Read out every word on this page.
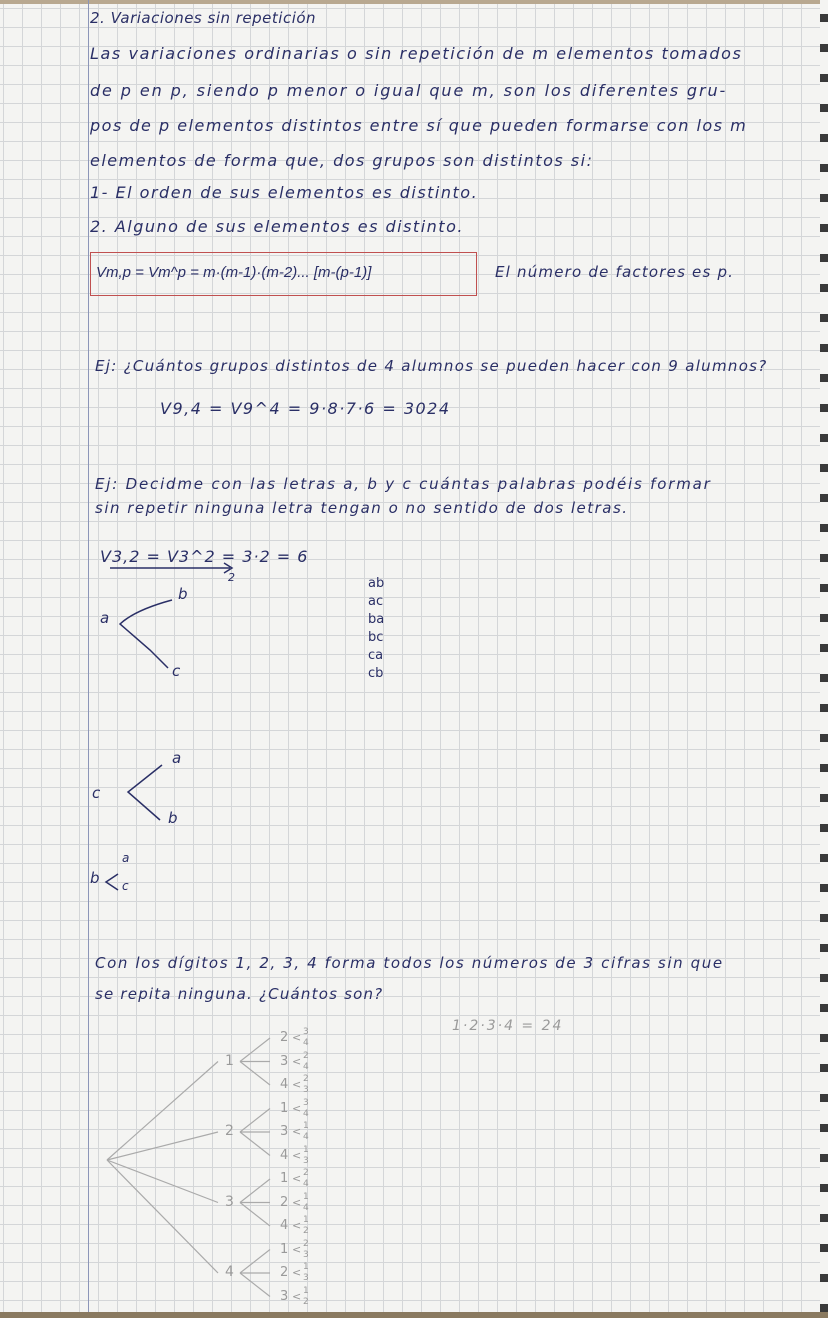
2. Variaciones sin repetición
Las variaciones ordinarias o sin repetición de m elementos tomados
de p en p, siendo p menor o igual que m, son los diferentes gru-
pos de p elementos distintos entre sí que pueden formarse con los m
elementos de forma que, dos grupos son distintos si:
1- El orden de sus elementos es distinto.
2. Alguno de sus elementos es distinto.
Vm,p = Vm^p = m·(m-1)·(m-2)... [m-(p-1)]	El número de factores es p.
Ej: ¿Cuántos grupos distintos de 4 alumnos se pueden hacer con 9 alumnos?
V9,4 = V9^4 = 9·8·7·6 = 3024
Ej: Decidme con las letras a, b y c cuántas palabras podéis formar
sin repetir ninguna letra tengan o no sentido de dos letras.
V3,2 = V3^2 = 3·2 = 6
2
a
b
c
c
a
b
b
a
c
ab
ac
ba
bc
ca
cb
Con los dígitos 1, 2, 3, 4 forma todos los números de 3 cifras sin que
se repita ninguna. ¿Cuántos son?
1·2·3·4 = 24
1
2 < 3
4
3 < 2
4
4 < 2
3
2
1 < 3
4
3 < 1
4
4 < 1
3
3
1 < 2
4
2 < 1
4
4 < 1
2
4
1 < 2
3
2 < 1
3
3 < 1
2
